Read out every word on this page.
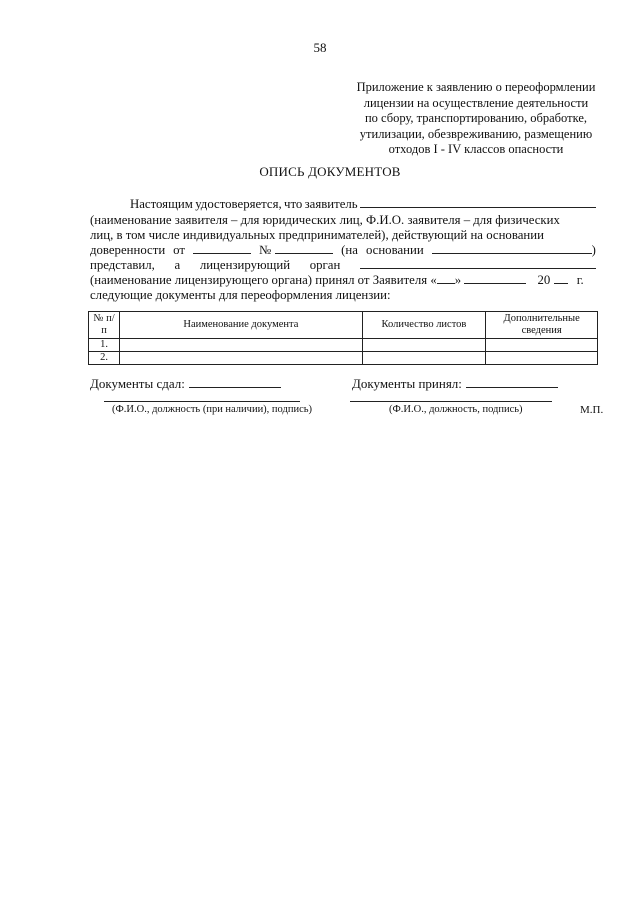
58
Приложение к заявлению о переоформлении
лицензии на осуществление деятельности
по сбору, транспортированию, обработке,
утилизации, обезвреживанию, размещению
отходов I - IV классов опасности
ОПИСЬ ДОКУМЕНТОВ
Настоящим удостоверяется, что заявитель
(наименование заявителя – для юридических лиц, Ф.И.О. заявителя – для физических
лиц, в том числе индивидуальных предпринимателей), действующий на основании
доверенности от	№	(на основании	)
представил, а лицензирующий орган
(наименование лицензирующего органа) принял от Заявителя « »	20 г.
следующие документы для переоформления лицензии:
№ п/п	Наименование документа	Количество листов	Дополнительные сведения
1.			
2.			
Документы сдал:	Документы принял:
(Ф.И.О., должность (при наличии), подпись)	(Ф.И.О., должность, подпись)	М.П.
